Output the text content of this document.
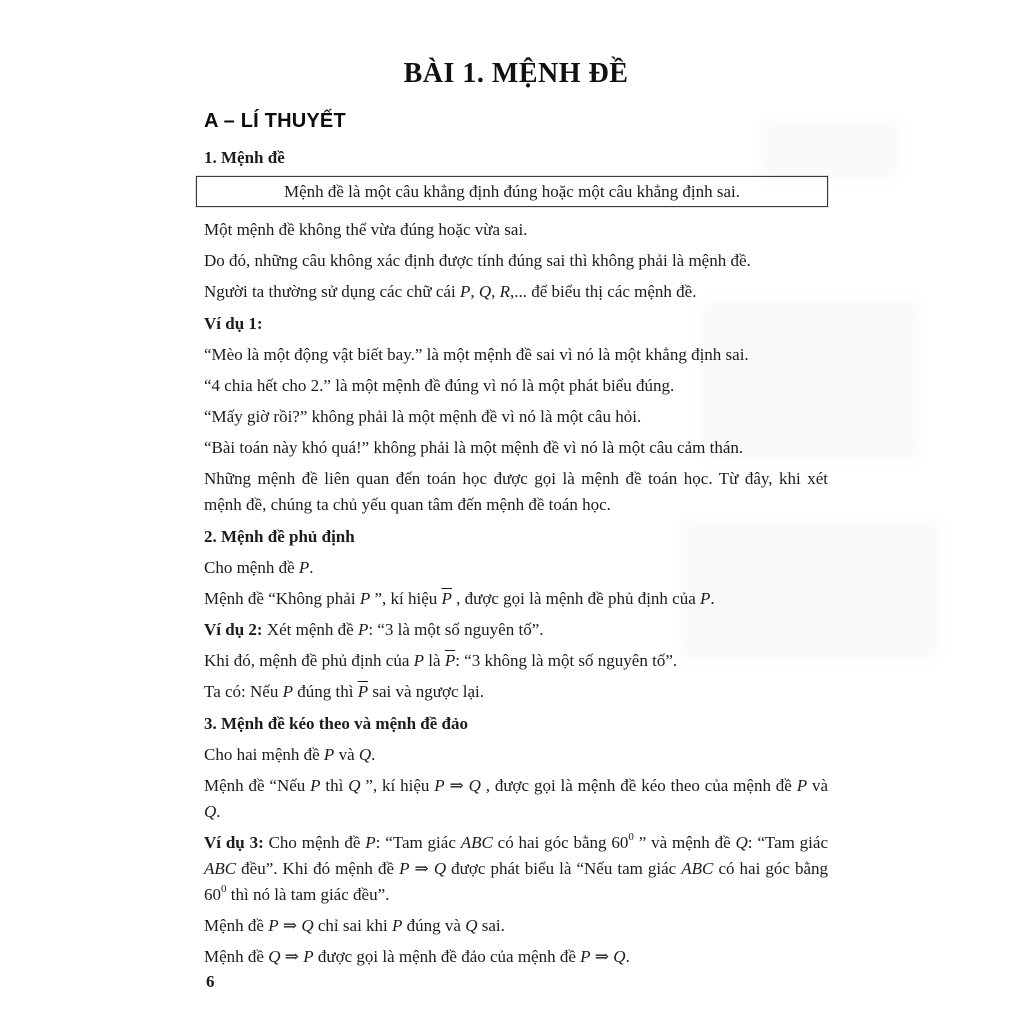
BÀI 1. MỆNH ĐỀ
A – LÍ THUYẾT
1. Mệnh đề
Mệnh đề là một câu khẳng định đúng hoặc một câu khẳng định sai.

Một mệnh đề không thể vừa đúng hoặc vừa sai.

Do đó, những câu không xác định được tính đúng sai thì không phải là mệnh đề.

Người ta thường sử dụng các chữ cái P, Q, R,... để biểu thị các mệnh đề.

Ví dụ 1:

“Mèo là một động vật biết bay.” là một mệnh đề sai vì nó là một khẳng định sai.

“4 chia hết cho 2.” là một mệnh đề đúng vì nó là một phát biểu đúng.

“Mấy giờ rồi?” không phải là một mệnh đề vì nó là một câu hỏi.

“Bài toán này khó quá!” không phải là một mệnh đề vì nó là một câu cảm thán.

Những mệnh đề liên quan đến toán học được gọi là mệnh đề toán học. Từ đây, khi xét mệnh đề, chúng ta chủ yếu quan tâm đến mệnh đề toán học.

2. Mệnh đề phủ định

Cho mệnh đề P.

Mệnh đề “Không phải P ”, kí hiệu $\overline{P}$ , được gọi là mệnh đề phủ định của P.

Ví dụ 2: Xét mệnh đề P: “3 là một số nguyên tố”.

Khi đó, mệnh đề phủ định của P là $\overline{P}$: “3 không là một số nguyên tố”.

Ta có: Nếu P đúng thì $\overline{P}$ sai và ngược lại.

3. Mệnh đề kéo theo và mệnh đề đảo

Cho hai mệnh đề P và Q.

Mệnh đề “Nếu P thì Q ”, kí hiệu P ⇒ Q , được gọi là mệnh đề kéo theo của mệnh đề P và Q.

Ví dụ 3: Cho mệnh đề P: “Tam giác ABC có hai góc bằng $60^0$ ” và mệnh đề Q: “Tam giác ABC đều”. Khi đó mệnh đề P ⇒ Q được phát biểu là “Nếu tam giác ABC có hai góc bằng $60^0$ thì nó là tam giác đều”.

Mệnh đề P ⇒ Q chỉ sai khi P đúng và Q sai.

Mệnh đề Q ⇒ P được gọi là mệnh đề đảo của mệnh đề P ⇒ Q.

6
